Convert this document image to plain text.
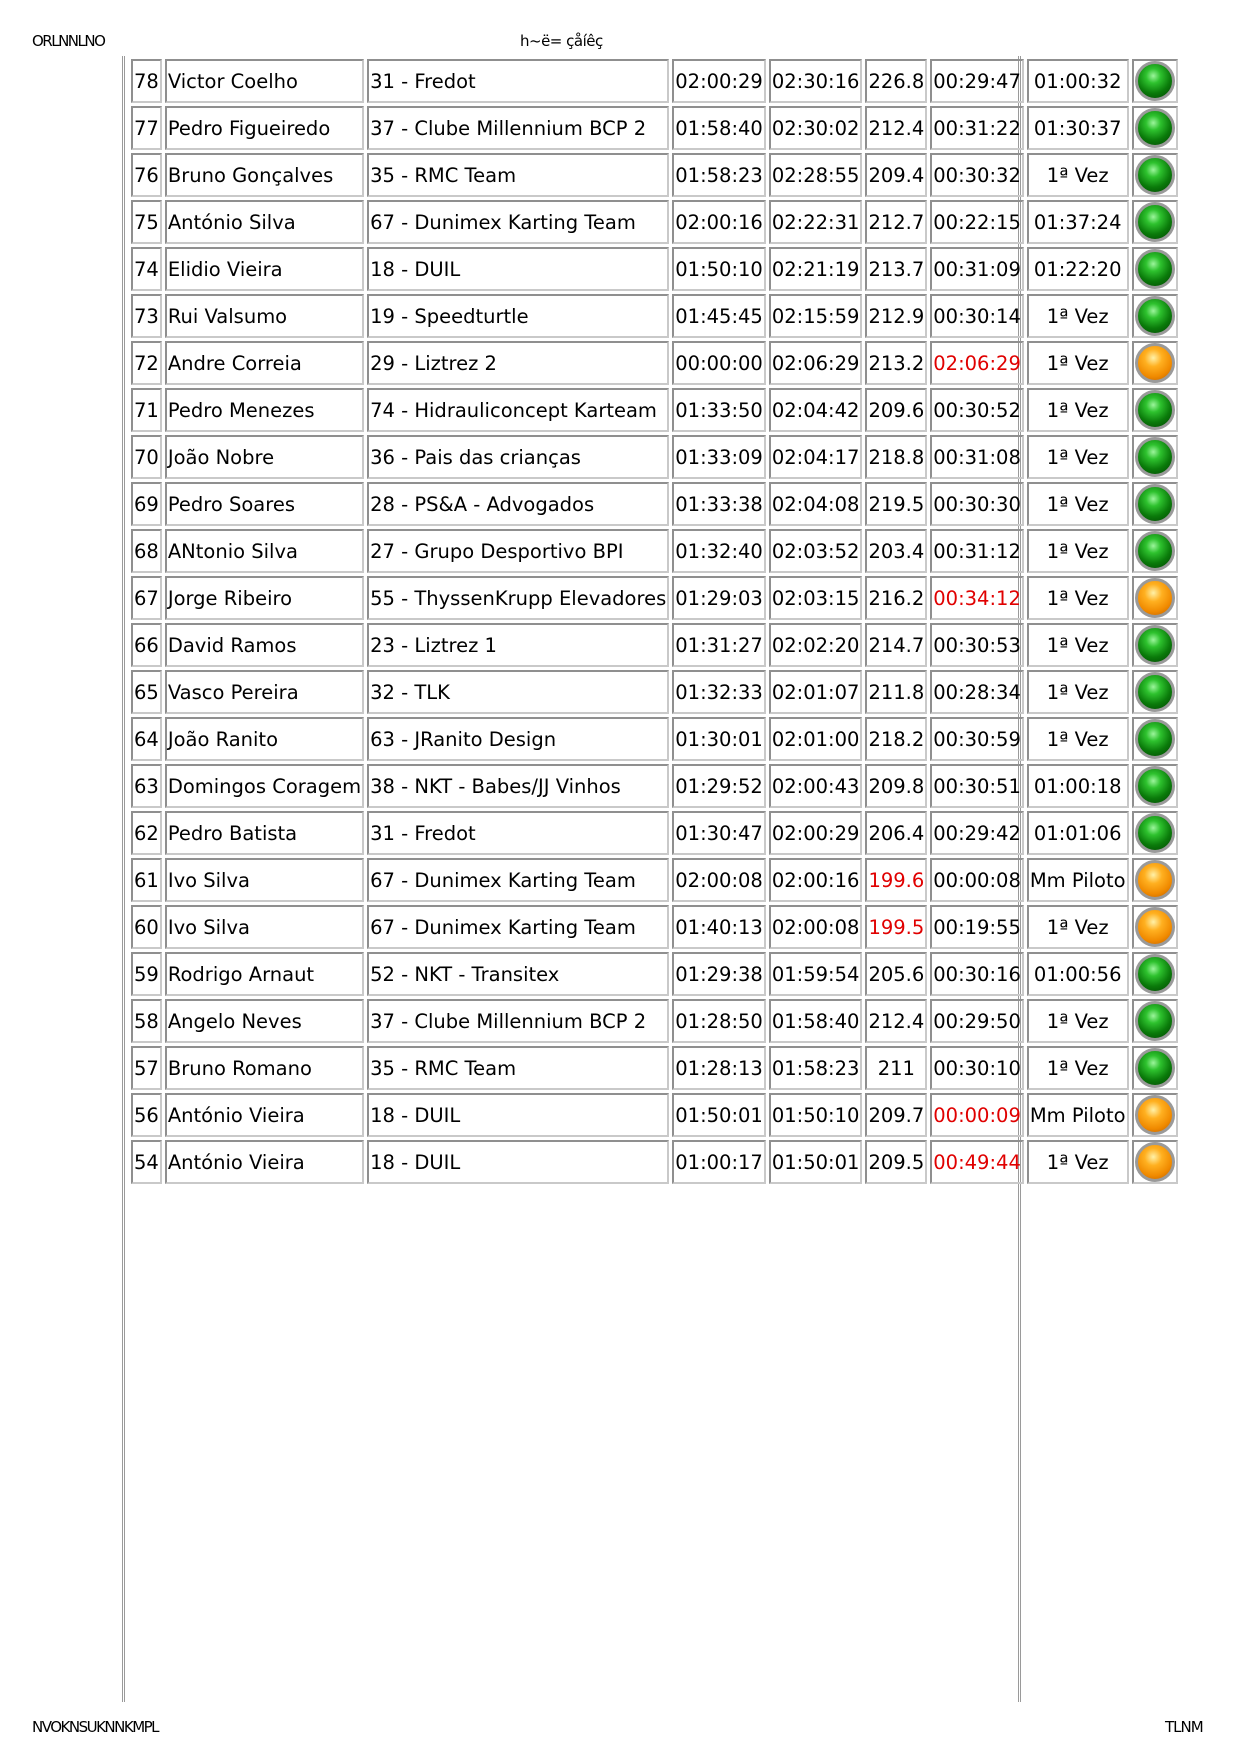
ORLNNLNO	h~ë= çåíêç
78	Victor Coelho	31 - Fredot	02:00:29	02:30:16	226.8	00:29:47	01:00:32	
77	Pedro Figueiredo	37 - Clube Millennium BCP 2	01:58:40	02:30:02	212.4	00:31:22	01:30:37	
76	Bruno Gonçalves	35 - RMC Team	01:58:23	02:28:55	209.4	00:30:32	1ª Vez	
75	António Silva	67 - Dunimex Karting Team	02:00:16	02:22:31	212.7	00:22:15	01:37:24	
74	Elidio Vieira	18 - DUIL	01:50:10	02:21:19	213.7	00:31:09	01:22:20	
73	Rui Valsumo	19 - Speedturtle	01:45:45	02:15:59	212.9	00:30:14	1ª Vez	
72	Andre Correia	29 - Liztrez 2	00:00:00	02:06:29	213.2	02:06:29	1ª Vez	
71	Pedro Menezes	74 - Hidrauliconcept Karteam	01:33:50	02:04:42	209.6	00:30:52	1ª Vez	
70	João Nobre	36 - Pais das crianças	01:33:09	02:04:17	218.8	00:31:08	1ª Vez	
69	Pedro Soares	28 - PS&A - Advogados	01:33:38	02:04:08	219.5	00:30:30	1ª Vez	
68	ANtonio Silva	27 - Grupo Desportivo BPI	01:32:40	02:03:52	203.4	00:31:12	1ª Vez	
67	Jorge Ribeiro	55 - ThyssenKrupp Elevadores	01:29:03	02:03:15	216.2	00:34:12	1ª Vez	
66	David Ramos	23 - Liztrez 1	01:31:27	02:02:20	214.7	00:30:53	1ª Vez	
65	Vasco Pereira	32 - TLK	01:32:33	02:01:07	211.8	00:28:34	1ª Vez	
64	João Ranito	63 - JRanito Design	01:30:01	02:01:00	218.2	00:30:59	1ª Vez	
63	Domingos Coragem	38 - NKT - Babes/JJ Vinhos	01:29:52	02:00:43	209.8	00:30:51	01:00:18	
62	Pedro Batista	31 - Fredot	01:30:47	02:00:29	206.4	00:29:42	01:01:06	
61	Ivo Silva	67 - Dunimex Karting Team	02:00:08	02:00:16	199.6	00:00:08	Mm Piloto	
60	Ivo Silva	67 - Dunimex Karting Team	01:40:13	02:00:08	199.5	00:19:55	1ª Vez	
59	Rodrigo Arnaut	52 - NKT - Transitex	01:29:38	01:59:54	205.6	00:30:16	01:00:56	
58	Angelo Neves	37 - Clube Millennium BCP 2	01:28:50	01:58:40	212.4	00:29:50	1ª Vez	
57	Bruno Romano	35 - RMC Team	01:28:13	01:58:23	211	00:30:10	1ª Vez	
56	António Vieira	18 - DUIL	01:50:01	01:50:10	209.7	00:00:09	Mm Piloto	
54	António Vieira	18 - DUIL	01:00:17	01:50:01	209.5	00:49:44	1ª Vez	
NVOKNSUKNNKMPL	TLNM
